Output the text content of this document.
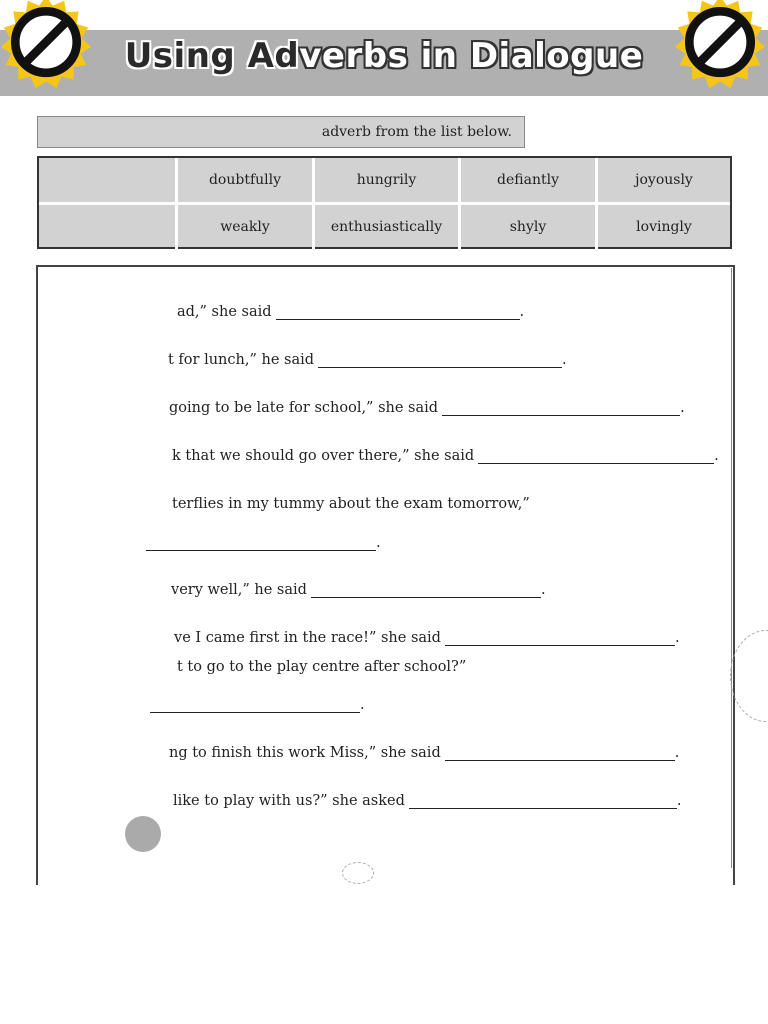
Using Adverbs in Dialogue
adverb from the list below.
doubtfully	hungrily	defiantly	joyously
weakly	enthusiastically	shyly	lovingly
ad,” she said	.
t for lunch,” he said	.
going to be late for school,” she said	.
k that we should go over there,” she said	.
terflies in my tummy about the exam tomorrow,”
.
very well,” he said	.
ve I came first in the race!” she said	.
t to go to the play centre after school?”
.
ng to finish this work Miss,” she said	.
like to play with us?” she asked	.
